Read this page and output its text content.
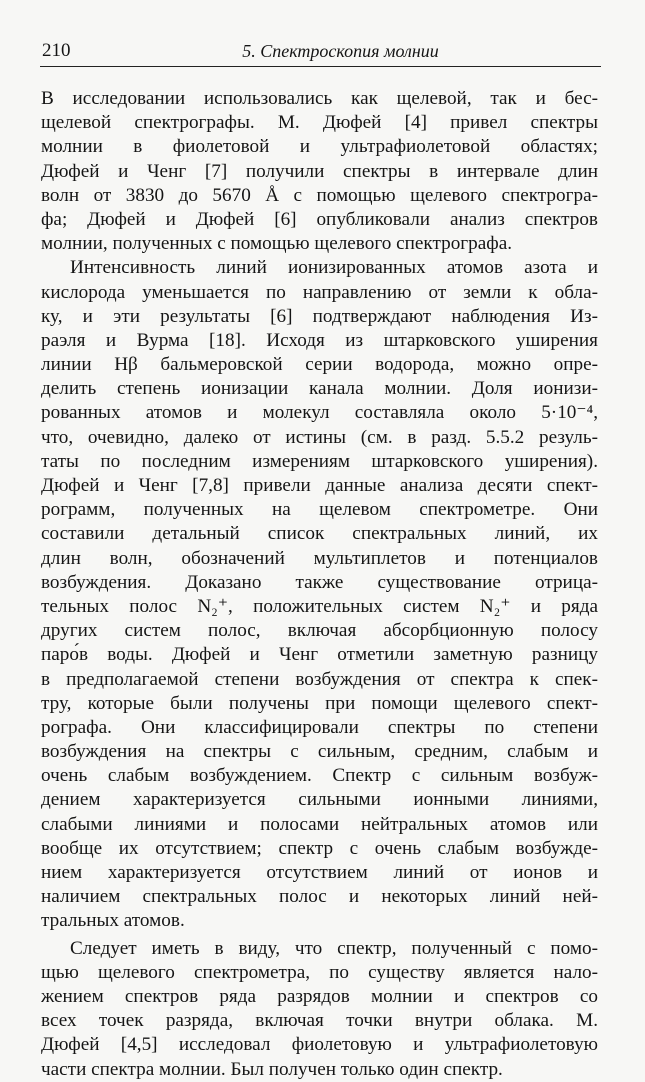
210	5. Спектроскопия молнии

В исследовании использовались как щелевой, так и бес-
щелевой спектрографы. М. Дюфей [4] привел спектры
молнии в фиолетовой и ультрафиолетовой областях;
Дюфей и Ченг [7] получили спектры в интервале длин
волн от 3830 до 5670 Å с помощью щелевого спектрогра-
фа; Дюфей и Дюфей [6] опубликовали анализ спектров
молнии, полученных с помощью щелевого спектрографа.

Интенсивность линий ионизированных атомов азота и
кислорода уменьшается по направлению от земли к обла-
ку, и эти результаты [6] подтверждают наблюдения Из-
раэля и Вурма [18]. Исходя из штарковского уширения
линии Hβ бальмеровской серии водорода, можно опре-
делить степень ионизации канала молнии. Доля ионизи-
рованных атомов и молекул составляла около 5·10⁻⁴,
что, очевидно, далеко от истины (см. в разд. 5.5.2 резуль-
таты по последним измерениям штарковского уширения).
Дюфей и Ченг [7,8] привели данные анализа десяти спект-
рограмм, полученных на щелевом спектрометре. Они
составили детальный список спектральных линий, их
длин волн, обозначений мультиплетов и потенциалов
возбуждения. Доказано также существование отрица-
тельных полос N₂⁺, положительных систем N₂⁺ и ряда
других систем полос, включая абсорбционную полосу
паро́в воды. Дюфей и Ченг отметили заметную разницу
в предполагаемой степени возбуждения от спектра к спек-
тру, которые были получены при помощи щелевого спект-
рографа. Они классифицировали спектры по степени
возбуждения на спектры с сильным, средним, слабым и
очень слабым возбуждением. Спектр с сильным возбуж-
дением характеризуется сильными ионными линиями,
слабыми линиями и полосами нейтральных атомов или
вообще их отсутствием; спектр с очень слабым возбужде-
нием характеризуется отсутствием линий от ионов и
наличием спектральных полос и некоторых линий ней-
тральных атомов.

Следует иметь в виду, что спектр, полученный с помо-
щью щелевого спектрометра, по существу является нало-
жением спектров ряда разрядов молнии и спектров со
всех точек разряда, включая точки внутри облака. М.
Дюфей [4,5] исследовал фиолетовую и ультрафиолетовую
части спектра молнии. Был получен только один спектр.
